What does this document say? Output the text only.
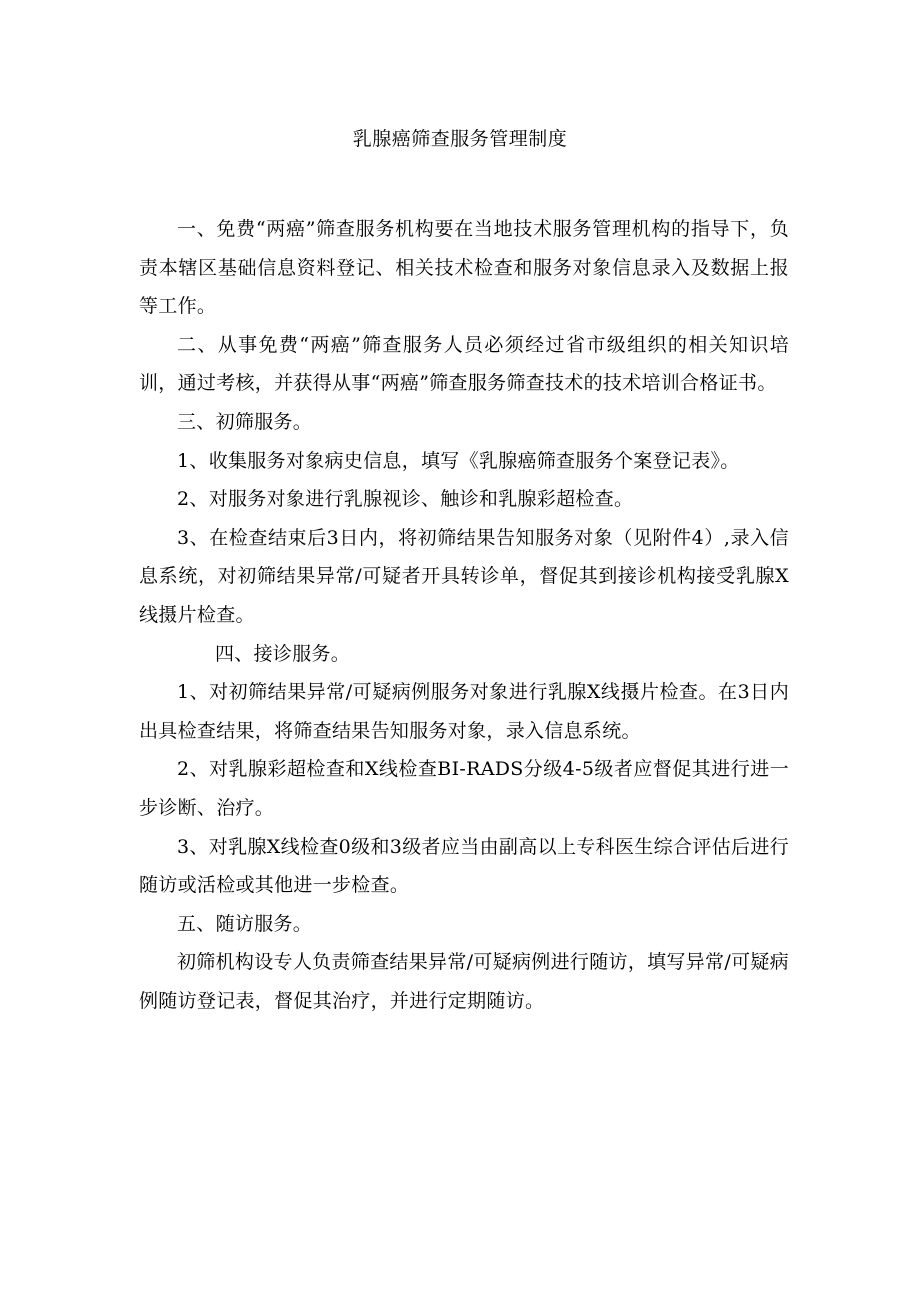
乳腺癌筛查服务管理制度

一、免费“两癌”筛查服务机构要在当地技术服务管理机构的指导下，负责本辖区基础信息资料登记、相关技术检查和服务对象信息录入及数据上报等工作。

二、从事免费“两癌”筛查服务人员必须经过省市级组织的相关知识培训，通过考核，并获得从事“两癌”筛查服务筛查技术的技术培训合格证书。

三、初筛服务。

1、收集服务对象病史信息，填写《乳腺癌筛查服务个案登记表》。

2、对服务对象进行乳腺视诊、触诊和乳腺彩超检查。

3、在检查结束后3日内，将初筛结果告知服务对象（见附件4）,录入信息系统，对初筛结果异常/可疑者开具转诊单，督促其到接诊机构接受乳腺X线摄片检查。

四、接诊服务。

1、对初筛结果异常/可疑病例服务对象进行乳腺X线摄片检查。在3日内出具检查结果，将筛查结果告知服务对象，录入信息系统。

2、对乳腺彩超检查和X线检查BI-RADS分级4-5级者应督促其进行进一步诊断、治疗。

3、对乳腺X线检查0级和3级者应当由副高以上专科医生综合评估后进行随访或活检或其他进一步检查。

五、随访服务。

初筛机构设专人负责筛查结果异常/可疑病例进行随访，填写异常/可疑病例随访登记表，督促其治疗，并进行定期随访。
